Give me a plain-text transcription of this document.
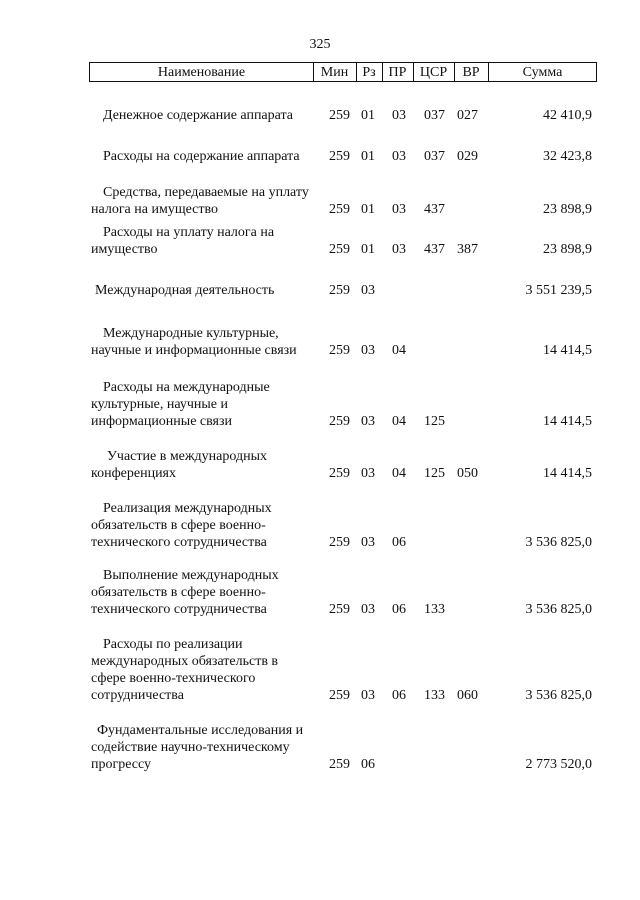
325
Наименование	Мин	Рз ПР ЦСР	ВР	Сумма
Денежное содержание аппарата	259 01 03 037 027	42 410,9
Расходы на содержание аппарата	259 01 03 037 029	32 423,8
Средства, передаваемые на уплату налога на имущество	259 01 03 437	23 898,9
Расходы на уплату налога на имущество	259 01 03 437 387	23 898,9
Международная деятельность	259 03	3 551 239,5
Международные культурные, научные и информационные связи	259 03 04	14 414,5
Расходы на международные культурные, научные и информационные связи	259 03 04 125	14 414,5
Участие в международных конференциях	259 03 04 125 050	14 414,5
Реализация международных обязательств в сфере военно-технического сотрудничества	259 03 06	3 536 825,0
Выполнение международных обязательств в сфере военно-технического сотрудничества	259 03 06 133	3 536 825,0
Расходы по реализации международных обязательств в сфере военно-технического сотрудничества	259 03 06 133 060	3 536 825,0
Фундаментальные исследования и содействие научно-техническому прогрессу	259 06	2 773 520,0
